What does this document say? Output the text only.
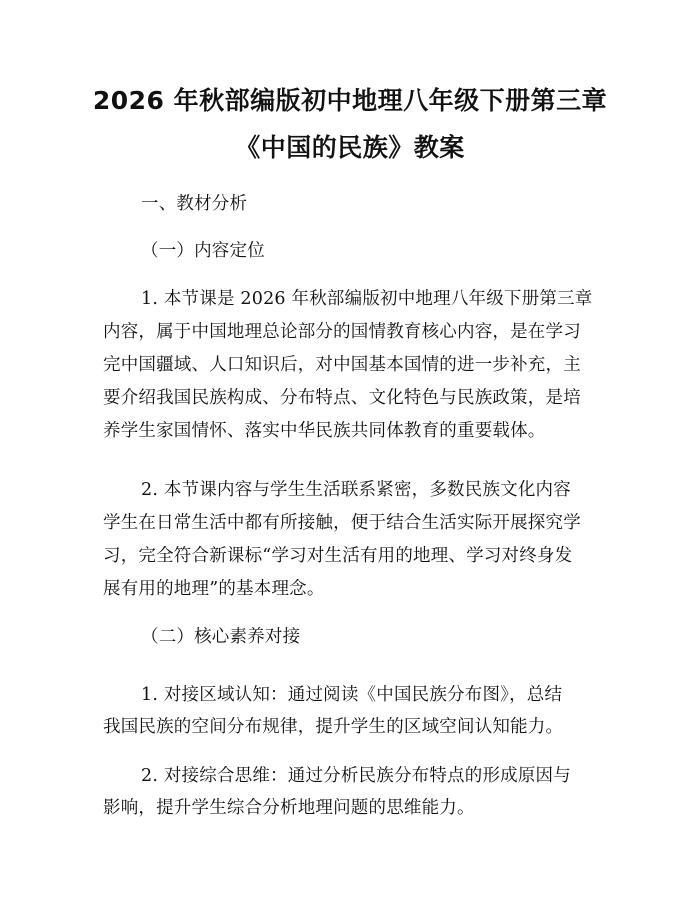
2026 年秋部编版初中地理八年级下册第三章
《中国的民族》教案
一、教材分析
（一）内容定位
1. 本节课是 2026 年秋部编版初中地理八年级下册第三章
内容，属于中国地理总论部分的国情教育核心内容，是在学习
完中国疆域、人口知识后，对中国基本国情的进一步补充，主
要介绍我国民族构成、分布特点、文化特色与民族政策，是培
养学生家国情怀、落实中华民族共同体教育的重要载体。
2. 本节课内容与学生生活联系紧密，多数民族文化内容
学生在日常生活中都有所接触，便于结合生活实际开展探究学
习，完全符合新课标“学习对生活有用的地理、学习对终身发
展有用的地理”的基本理念。
（二）核心素养对接
1. 对接区域认知：通过阅读《中国民族分布图》，总结
我国民族的空间分布规律，提升学生的区域空间认知能力。
2. 对接综合思维：通过分析民族分布特点的形成原因与
影响，提升学生综合分析地理问题的思维能力。
